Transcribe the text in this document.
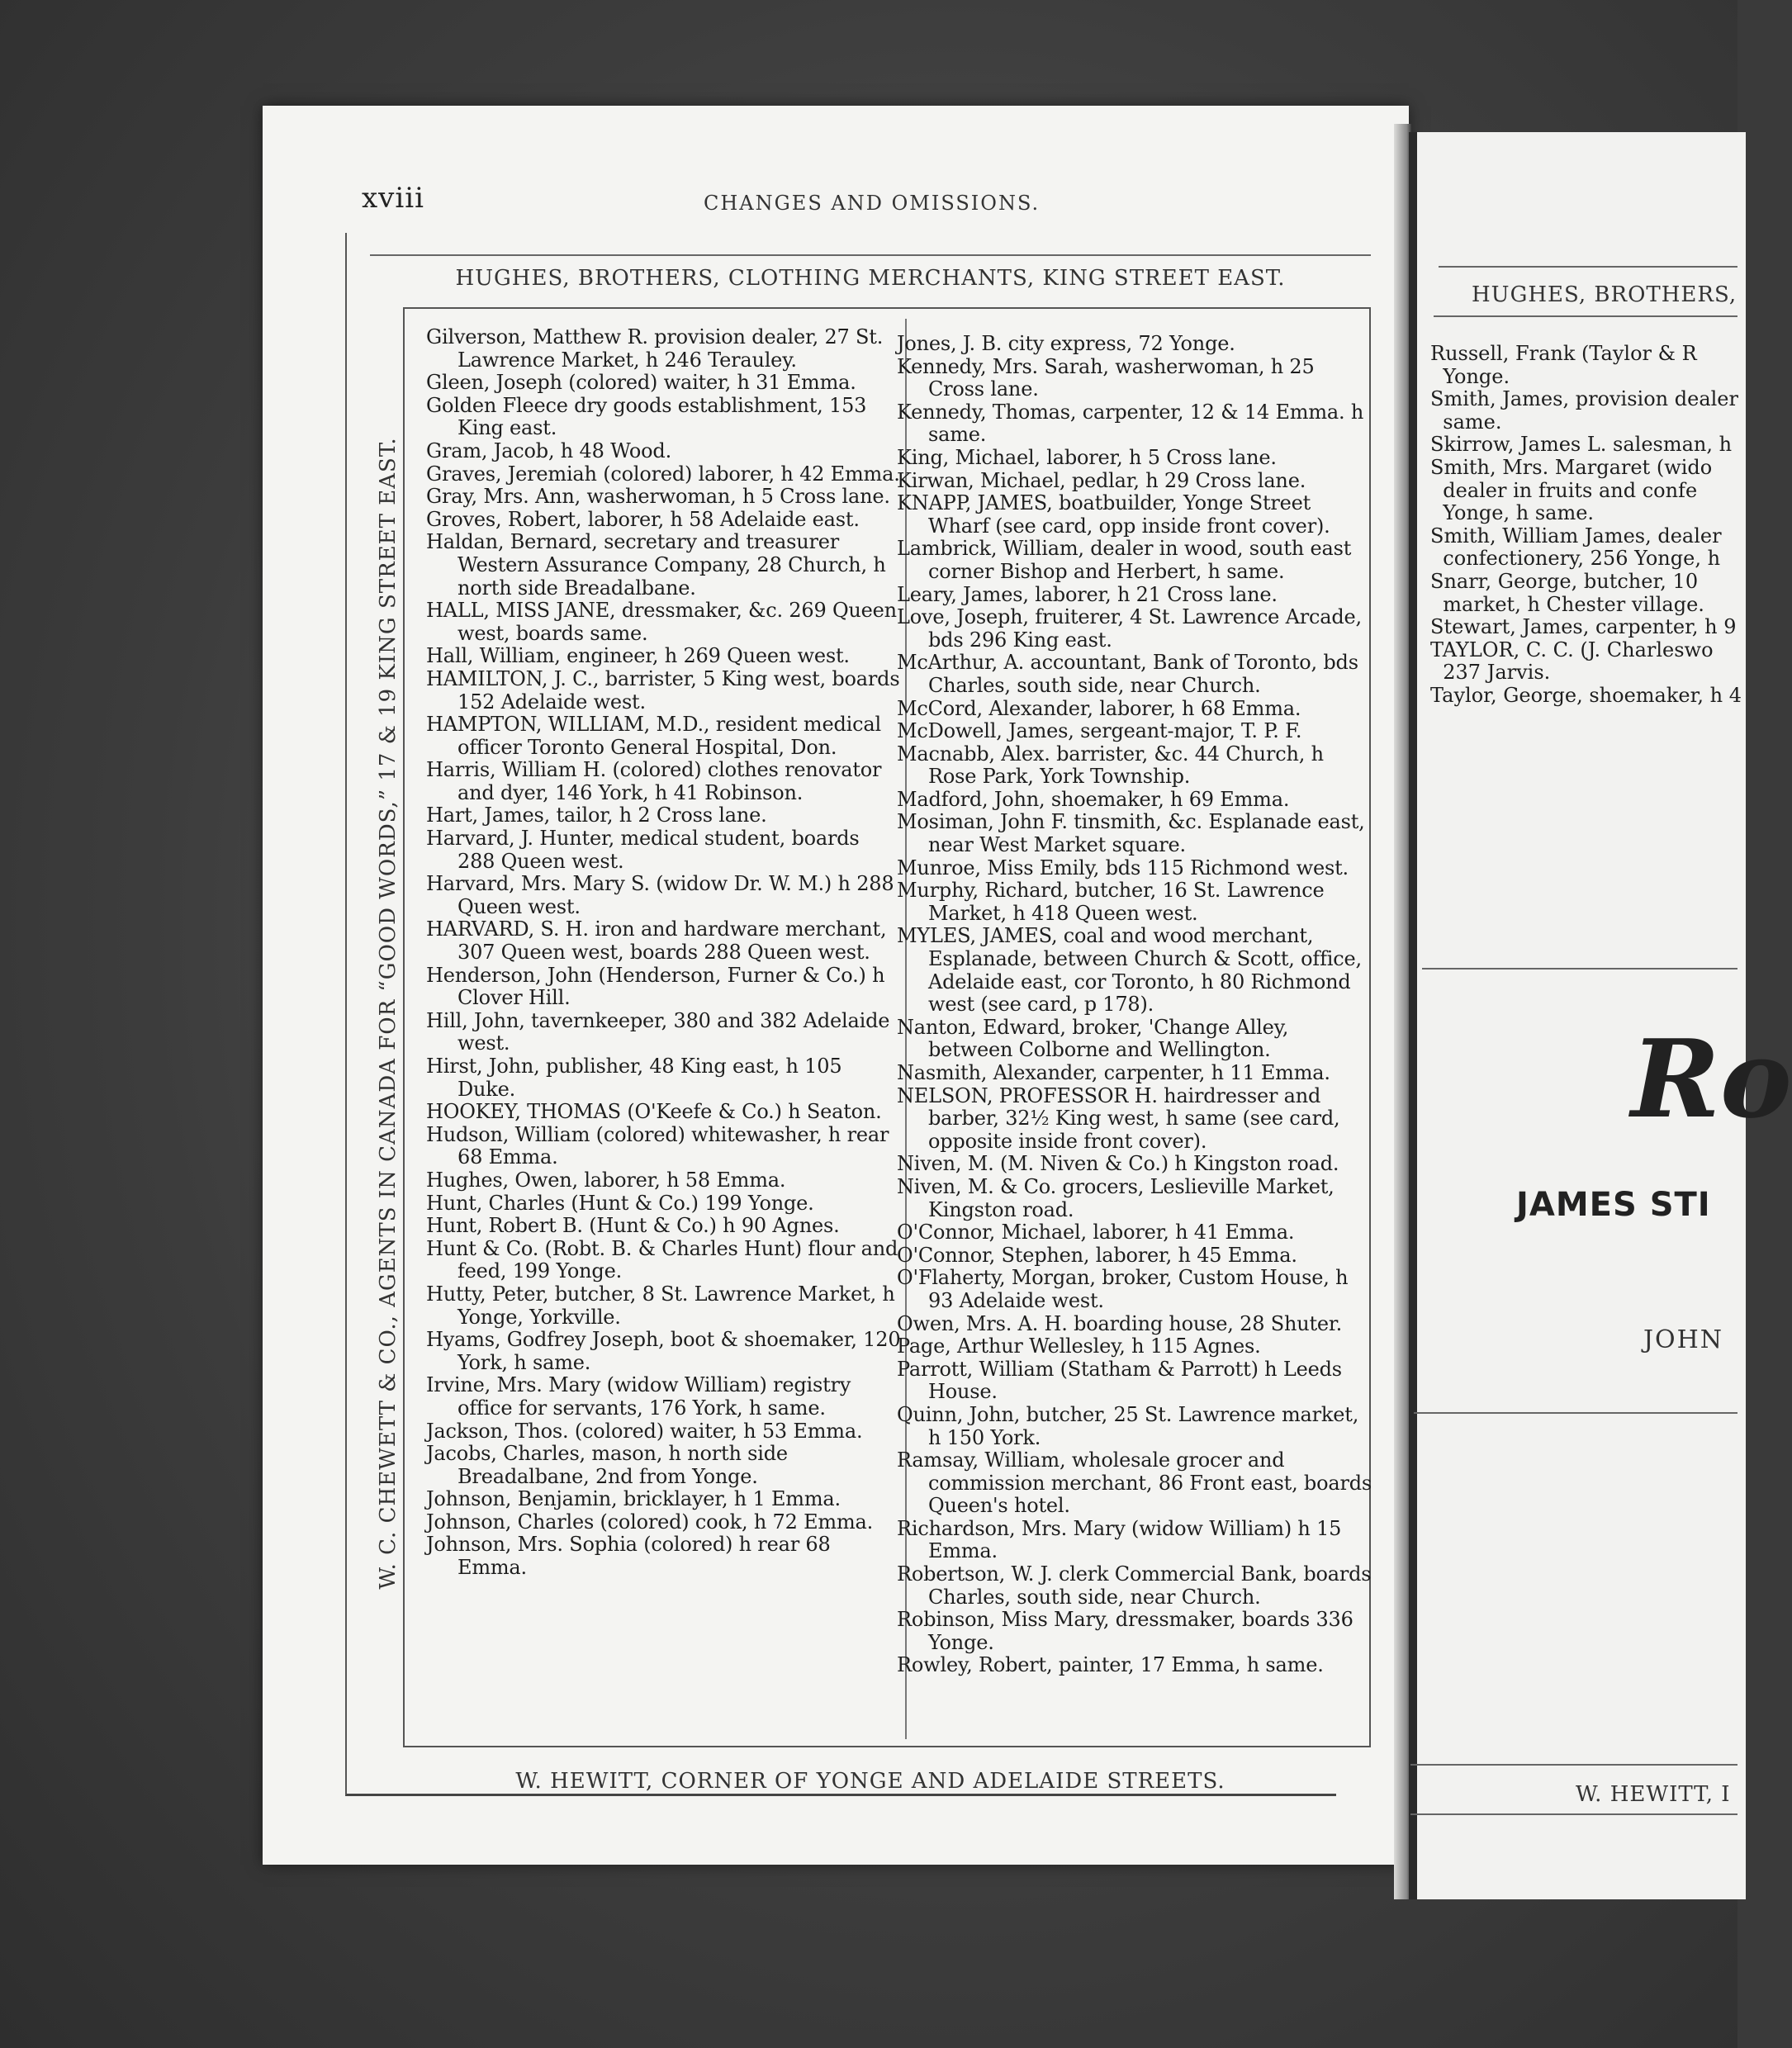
xviii	CHANGES AND OMISSIONS.
HUGHES, BROTHERS, CLOTHING MERCHANTS, KING STREET EAST.
W. C. CHEWETT & CO., AGENTS IN CANADA FOR “GOOD WORDS,” 17 & 19 KING STREET EAST.
W. HEWITT, CORNER OF YONGE AND ADELAIDE STREETS.

Gilverson, Matthew R. provision dealer, 27 St. Lawrence Market, h 246 Terauley.

Gleen, Joseph (colored) waiter, h 31 Emma.

Golden Fleece dry goods establishment, 153 King east.

Gram, Jacob, h 48 Wood.

Graves, Jeremiah (colored) laborer, h 42 Emma.

Gray, Mrs. Ann, washerwoman, h 5 Cross lane.

Groves, Robert, laborer, h 58 Adelaide east.

Haldan, Bernard, secretary and treasurer Western Assurance Company, 28 Church, h north side Breadalbane.

HALL, MISS JANE, dressmaker, &c. 269 Queen west, boards same.

Hall, William, engineer, h 269 Queen west.

HAMILTON, J. C., barrister, 5 King west, boards 152 Adelaide west.

HAMPTON, WILLIAM, M.D., resident medical officer Toronto General Hospital, Don.

Harris, William H. (colored) clothes renovator and dyer, 146 York, h 41 Robinson.

Hart, James, tailor, h 2 Cross lane.

Harvard, J. Hunter, medical student, boards 288 Queen west.

Harvard, Mrs. Mary S. (widow Dr. W. M.) h 288 Queen west.

HARVARD, S. H. iron and hardware merchant, 307 Queen west, boards 288 Queen west.

Henderson, John (Henderson, Furner & Co.) h Clover Hill.

Hill, John, tavernkeeper, 380 and 382 Adelaide west.

Hirst, John, publisher, 48 King east, h 105 Duke.

HOOKEY, THOMAS (O'Keefe & Co.) h Seaton.

Hudson, William (colored) whitewasher, h rear 68 Emma.

Hughes, Owen, laborer, h 58 Emma.

Hunt, Charles (Hunt & Co.) 199 Yonge.

Hunt, Robert B. (Hunt & Co.) h 90 Agnes.

Hunt & Co. (Robt. B. & Charles Hunt) flour and feed, 199 Yonge.

Hutty, Peter, butcher, 8 St. Lawrence Market, h Yonge, Yorkville.

Hyams, Godfrey Joseph, boot & shoemaker, 120 York, h same.

Irvine, Mrs. Mary (widow William) registry office for servants, 176 York, h same.

Jackson, Thos. (colored) waiter, h 53 Emma.

Jacobs, Charles, mason, h north side Breadalbane, 2nd from Yonge.

Johnson, Benjamin, bricklayer, h 1 Emma.

Johnson, Charles (colored) cook, h 72 Emma.

Johnson, Mrs. Sophia (colored) h rear 68 Emma.

Jones, J. B. city express, 72 Yonge.

Kennedy, Mrs. Sarah, washerwoman, h 25 Cross lane.

Kennedy, Thomas, carpenter, 12 & 14 Emma. h same.

King, Michael, laborer, h 5 Cross lane.

Kirwan, Michael, pedlar, h 29 Cross lane.

KNAPP, JAMES, boatbuilder, Yonge Street Wharf (see card, opp inside front cover).

Lambrick, William, dealer in wood, south east corner Bishop and Herbert, h same.

Leary, James, laborer, h 21 Cross lane.

Love, Joseph, fruiterer, 4 St. Lawrence Arcade, bds 296 King east.

McArthur, A. accountant, Bank of Toronto, bds Charles, south side, near Church.

McCord, Alexander, laborer, h 68 Emma.

McDowell, James, sergeant-major, T. P. F.

Macnabb, Alex. barrister, &c. 44 Church, h Rose Park, York Township.

Madford, John, shoemaker, h 69 Emma.

Mosiman, John F. tinsmith, &c. Esplanade east, near West Market square.

Munroe, Miss Emily, bds 115 Richmond west.

Murphy, Richard, butcher, 16 St. Lawrence Market, h 418 Queen west.

MYLES, JAMES, coal and wood merchant, Esplanade, between Church & Scott, office, Adelaide east, cor Toronto, h 80 Richmond west (see card, p 178).

Nanton, Edward, broker, 'Change Alley, between Colborne and Wellington.

Nasmith, Alexander, carpenter, h 11 Emma.

NELSON, PROFESSOR H. hairdresser and barber, 32½ King west, h same (see card, opposite inside front cover).

Niven, M. (M. Niven & Co.) h Kingston road.

Niven, M. & Co. grocers, Leslieville Market, Kingston road.

O'Connor, Michael, laborer, h 41 Emma.

O'Connor, Stephen, laborer, h 45 Emma.

O'Flaherty, Morgan, broker, Custom House, h 93 Adelaide west.

Owen, Mrs. A. H. boarding house, 28 Shuter.

Page, Arthur Wellesley, h 115 Agnes.

Parrott, William (Statham & Parrott) h Leeds House.

Quinn, John, butcher, 25 St. Lawrence market, h 150 York.

Ramsay, William, wholesale grocer and commission merchant, 86 Front east, boards Queen's hotel.

Richardson, Mrs. Mary (widow William) h 15 Emma.

Robertson, W. J. clerk Commercial Bank, boards Charles, south side, near Church.

Robinson, Miss Mary, dressmaker, boards 336 Yonge.

Rowley, Robert, painter, 17 Emma, h same.

HUGHES, BROTHERS,
Russell, Frank (Taylor & R
Yonge.
Smith, James, provision dealer
same.
Skirrow, James L. salesman, h
Smith, Mrs. Margaret (wido
dealer in fruits and confe
Yonge, h same.
Smith, William James, dealer
confectionery, 256 Yonge, h
Snarr, George, butcher, 10
market, h Chester village.
Stewart, James, carpenter, h 9
TAYLOR, C. C. (J. Charleswo
237 Jarvis.
Taylor, George, shoemaker, h 4
Ro
JAMES STI
JOHN
W. HEWITT, I
